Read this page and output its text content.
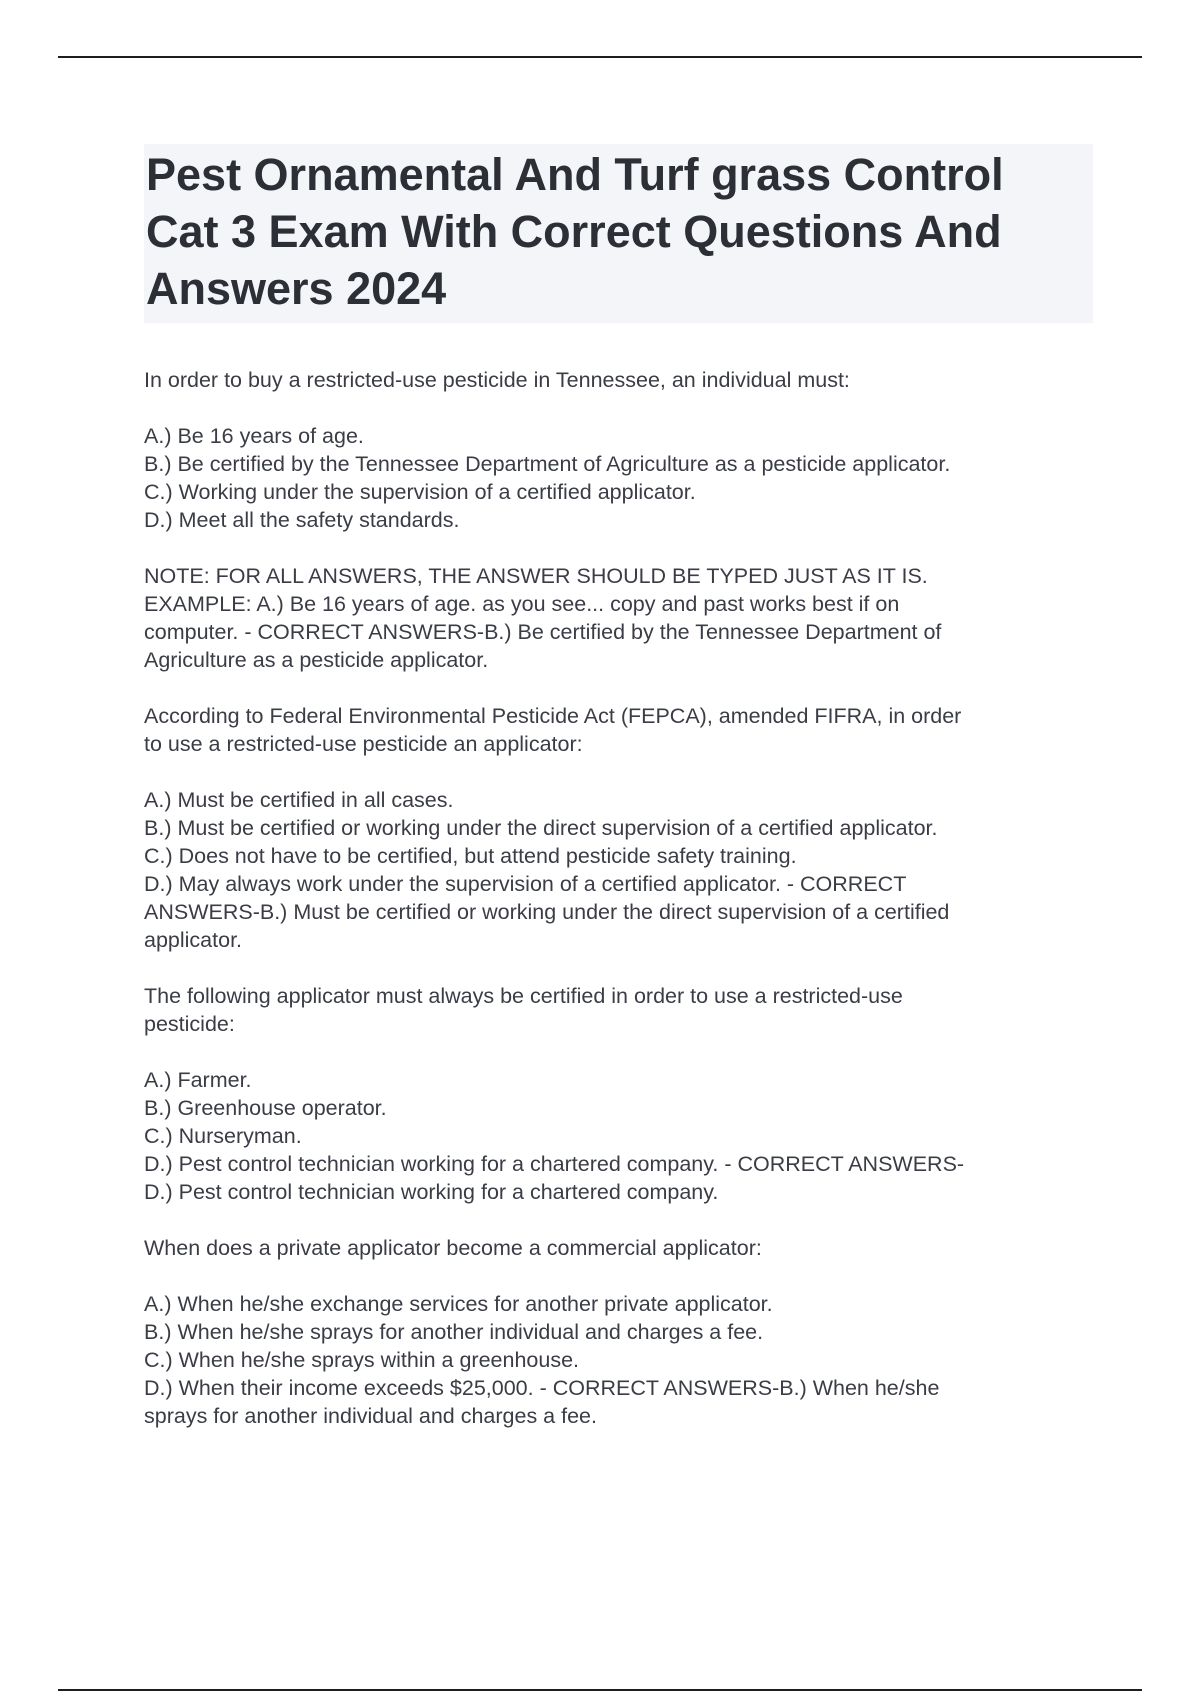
Pest Ornamental And Turf grass Control
Cat 3 Exam With Correct Questions And
Answers 2024

In order to buy a restricted-use pesticide in Tennessee, an individual must:

A.) Be 16 years of age.
B.) Be certified by the Tennessee Department of Agriculture as a pesticide applicator.
C.) Working under the supervision of a certified applicator.
D.) Meet all the safety standards.

NOTE: FOR ALL ANSWERS, THE ANSWER SHOULD BE TYPED JUST AS IT IS.
EXAMPLE: A.) Be 16 years of age. as you see... copy and past works best if on
computer. - CORRECT ANSWERS-B.) Be certified by the Tennessee Department of
Agriculture as a pesticide applicator.

According to Federal Environmental Pesticide Act (FEPCA), amended FIFRA, in order
to use a restricted-use pesticide an applicator:

A.) Must be certified in all cases.
B.) Must be certified or working under the direct supervision of a certified applicator.
C.) Does not have to be certified, but attend pesticide safety training.
D.) May always work under the supervision of a certified applicator. - CORRECT
ANSWERS-B.) Must be certified or working under the direct supervision of a certified
applicator.

The following applicator must always be certified in order to use a restricted-use
pesticide:

A.) Farmer.
B.) Greenhouse operator.
C.) Nurseryman.
D.) Pest control technician working for a chartered company. - CORRECT ANSWERS-
D.) Pest control technician working for a chartered company.

When does a private applicator become a commercial applicator:

A.) When he/she exchange services for another private applicator.
B.) When he/she sprays for another individual and charges a fee.
C.) When he/she sprays within a greenhouse.
D.) When their income exceeds $25,000. - CORRECT ANSWERS-B.) When he/she
sprays for another individual and charges a fee.
